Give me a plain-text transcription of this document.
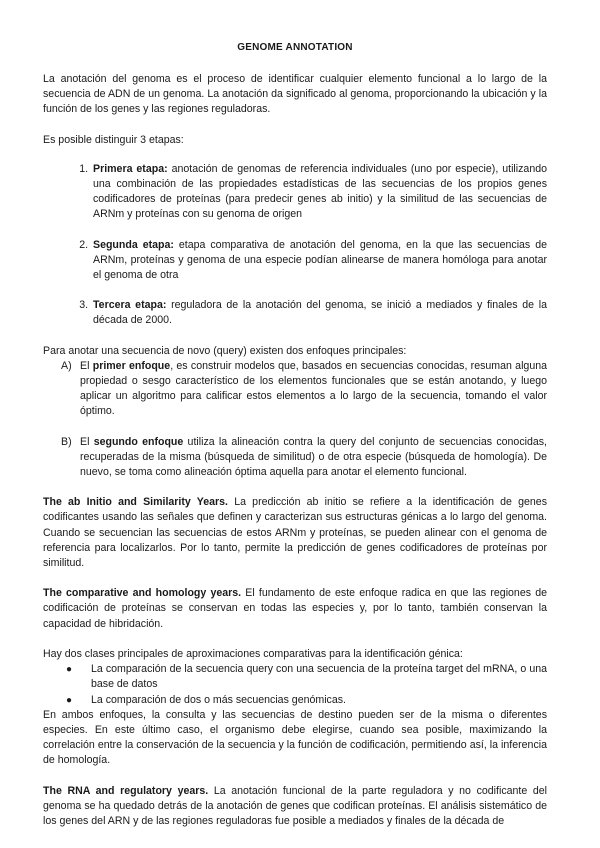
GENOME ANNOTATION

La anotación del genoma es el proceso de identificar cualquier elemento funcional a lo largo de la secuencia de ADN de un genoma. La anotación da significado al genoma, proporcionando la ubicación y la función de los genes y las regiones reguladoras.

Es posible distinguir 3 etapas:

1. Primera etapa: anotación de genomas de referencia individuales (uno por especie), utilizando una combinación de las propiedades estadísticas de las secuencias de los propios genes codificadores de proteínas (para predecir genes ab initio) y la similitud de las secuencias de ARNm y proteínas con su genoma de origen
2. Segunda etapa: etapa comparativa de anotación del genoma, en la que las secuencias de ARNm, proteínas y genoma de una especie podían alinearse de manera homóloga para anotar el genoma de otra
3. Tercera etapa: reguladora de la anotación del genoma, se inició a mediados y finales de la década de 2000.

Para anotar una secuencia de novo (query) existen dos enfoques principales:

A) El primer enfoque, es construir modelos que, basados en secuencias conocidas, resuman alguna propiedad o sesgo característico de los elementos funcionales que se están anotando, y luego aplicar un algoritmo para calificar estos elementos a lo largo de la secuencia, tomando el valor óptimo.

B) El segundo enfoque utiliza la alineación contra la query del conjunto de secuencias conocidas, recuperadas de la misma (búsqueda de similitud) o de otra especie (búsqueda de homología). De nuevo, se toma como alineación óptima aquella para anotar el elemento funcional.

The ab Initio and Similarity Years. La predicción ab initio se refiere a la identificación de genes codificantes usando las señales que definen y caracterizan sus estructuras génicas a lo largo del genoma. Cuando se secuencian las secuencias de estos ARNm y proteínas, se pueden alinear con el genoma de referencia para localizarlos. Por lo tanto, permite la predicción de genes codificadores de proteínas por similitud.

The comparative and homology years. El fundamento de este enfoque radica en que las regiones de codificación de proteínas se conservan en todas las especies y, por lo tanto, también conservan la capacidad de hibridación.

Hay dos clases principales de aproximaciones comparativas para la identificación génica:

● La comparación de la secuencia query con una secuencia de la proteína target del mRNA, o una base de datos
● La comparación de dos o más secuencias genómicas.

En ambos enfoques, la consulta y las secuencias de destino pueden ser de la misma o diferentes especies. En este último caso, el organismo debe elegirse, cuando sea posible, maximizando la correlación entre la conservación de la secuencia y la función de codificación, permitiendo así, la inferencia de homología.

The RNA and regulatory years. La anotación funcional de la parte reguladora y no codificante del genoma se ha quedado detrás de la anotación de genes que codifican proteínas. El análisis sistemático de los genes del ARN y de las regiones reguladoras fue posible a mediados y finales de la década de
